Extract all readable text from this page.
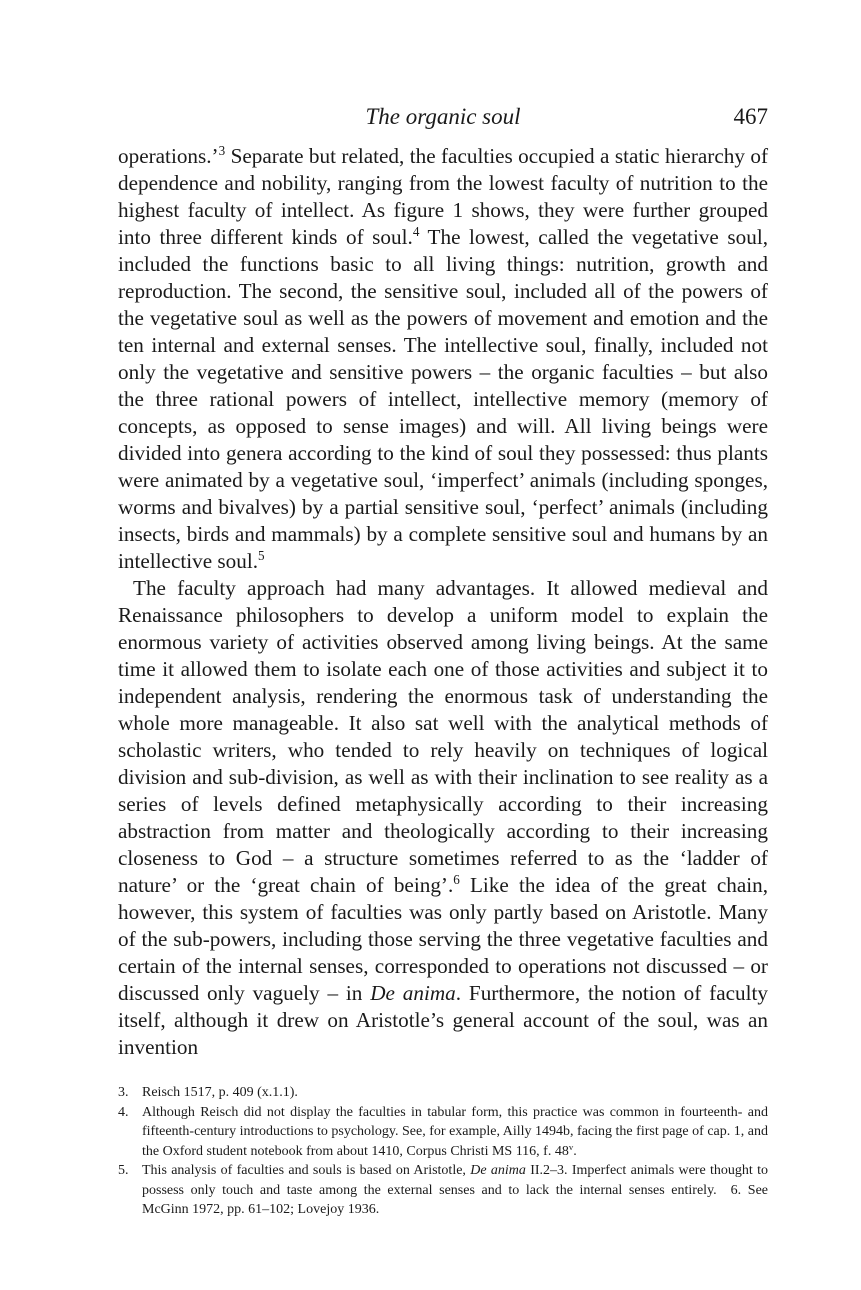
The organic soul	467

operations.’$^3$ Separate but related, the faculties occupied a static hierarchy of dependence and nobility, ranging from the lowest faculty of nutrition to the highest faculty of intellect. As figure 1 shows, they were further grouped into three different kinds of soul.$^4$ The lowest, called the vegetative soul, included the functions basic to all living things: nutrition, growth and reproduction. The second, the sensitive soul, included all of the powers of the vegetative soul as well as the powers of movement and emotion and the ten internal and external senses. The intellective soul, finally, included not only the vegetative and sensitive powers – the organic faculties – but also the three rational powers of intellect, intellective memory (memory of concepts, as opposed to sense images) and will. All living beings were divided into genera according to the kind of soul they possessed: thus plants were animated by a vegetative soul, ‘imperfect’ animals (including sponges, worms and bivalves) by a partial sensitive soul, ‘perfect’ animals (including insects, birds and mammals) by a complete sensitive soul and humans by an intellective soul.$^5$

The faculty approach had many advantages. It allowed medieval and Renaissance philosophers to develop a uniform model to explain the enormous variety of activities observed among living beings. At the same time it allowed them to isolate each one of those activities and subject it to independent analysis, rendering the enormous task of understanding the whole more manageable. It also sat well with the analytical methods of scholastic writers, who tended to rely heavily on techniques of logical division and sub-division, as well as with their inclination to see reality as a series of levels defined metaphysically according to their increasing abstraction from matter and theologically according to their increasing closeness to God – a structure sometimes referred to as the ‘ladder of nature’ or the ‘great chain of being’.$^6$ Like the idea of the great chain, however, this system of faculties was only partly based on Aristotle. Many of the sub-powers, including those serving the three vegetative faculties and certain of the internal senses, corresponded to operations not discussed – or discussed only vaguely – in De anima. Furthermore, the notion of faculty itself, although it drew on Aristotle’s general account of the soul, was an invention

3. Reisch 1517, p. 409 (x.1.1).
4. Although Reisch did not display the faculties in tabular form, this practice was common in fourteenth- and fifteenth-century introductions to psychology. See, for example, Ailly 1494b, facing the first page of cap. 1, and the Oxford student notebook from about 1410, Corpus Christi MS 116, f. 48$^v$.
5. This analysis of faculties and souls is based on Aristotle, De anima II.2–3. Imperfect animals were thought to possess only touch and taste among the external senses and to lack the internal senses entirely. 6. See McGinn 1972, pp. 61–102; Lovejoy 1936.
